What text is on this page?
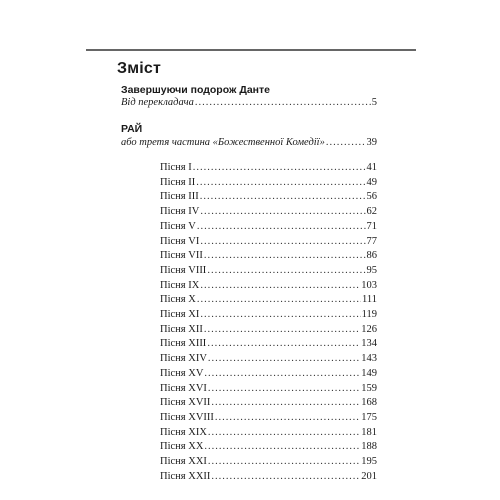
Зміст
Завершуючи подорож Данте
Від перекладача .....	5
РАЙ
або третя частина «Божественної Комедії» .....	39
Пісня I .....	41
Пісня II .....	49
Пісня III .....	56
Пісня IV .....	62
Пісня V .....	71
Пісня VI .....	77
Пісня VII .....	86
Пісня VIII .....	95
Пісня IX .....	103
Пісня X .....	111
Пісня XI .....	119
Пісня XII .....	126
Пісня XIII .....	134
Пісня XIV .....	143
Пісня XV .....	149
Пісня XVI .....	159
Пісня XVII .....	168
Пісня XVIII .....	175
Пісня XIX .....	181
Пісня XX .....	188
Пісня XXI .....	195
Пісня XXII .....	201
